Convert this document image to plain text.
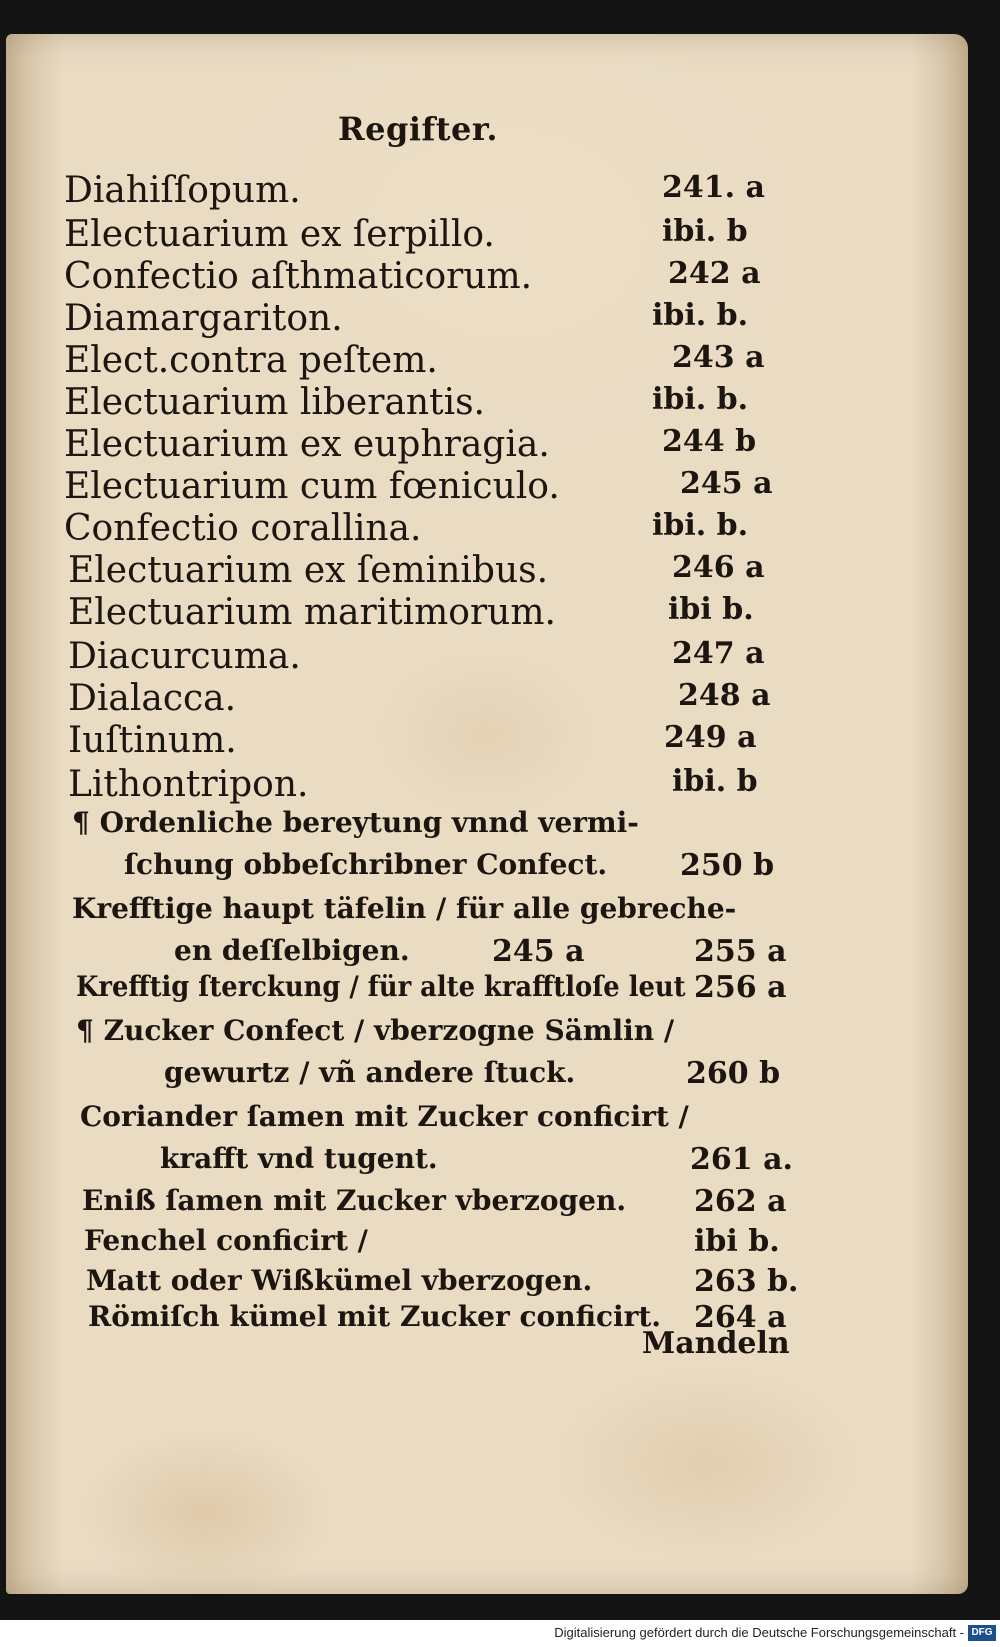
Regifter.
Diahiſſopum.	241. a
Electuarium ex ſerpillo.	ibi. b
Confectio aſthmaticorum.	242 a
Diamargariton.	ibi. b.
Elect.contra peſtem.	243 a
Electuarium liberantis.	ibi. b.
Electuarium ex euphragia.	244 b
Electuarium cum fœniculo.	245 a
Confectio corallina.	ibi. b.
Electuarium ex ſeminibus.	246 a
Electuarium maritimorum.	ibi b.
Diacurcuma.	247 a
Dialacca.	248 a
Iuſtinum.	249 a
Lithontripon.	ibi. b
¶ Ordenliche bereytung vnnd vermi-
ſchung obbeſchribner Confect. 250 b
Krefftige haupt täfelin / für alle gebreche-
en deſſelbigen.	245 a	255 a
Krefftig ſterckung / für alte krafftloſe leut 256 a
¶ Zucker Confect / vberzogne Sämlin /
gewurtz / vñ andere ſtuck.	260 b
Coriander ſamen mit Zucker conficirt /
krafft vnd tugent.	261 a.
Eniß ſamen mit Zucker vberzogen. 262 a
Fenchel conficirt /	ibi b.
Matt oder Wißkümel vberzogen.	263 b.
Römiſch kümel mit Zucker conficirt. 264 a
Mandeln
Digitalisierung gefördert durch die Deutsche Forschungsgemeinschaft - DFG
